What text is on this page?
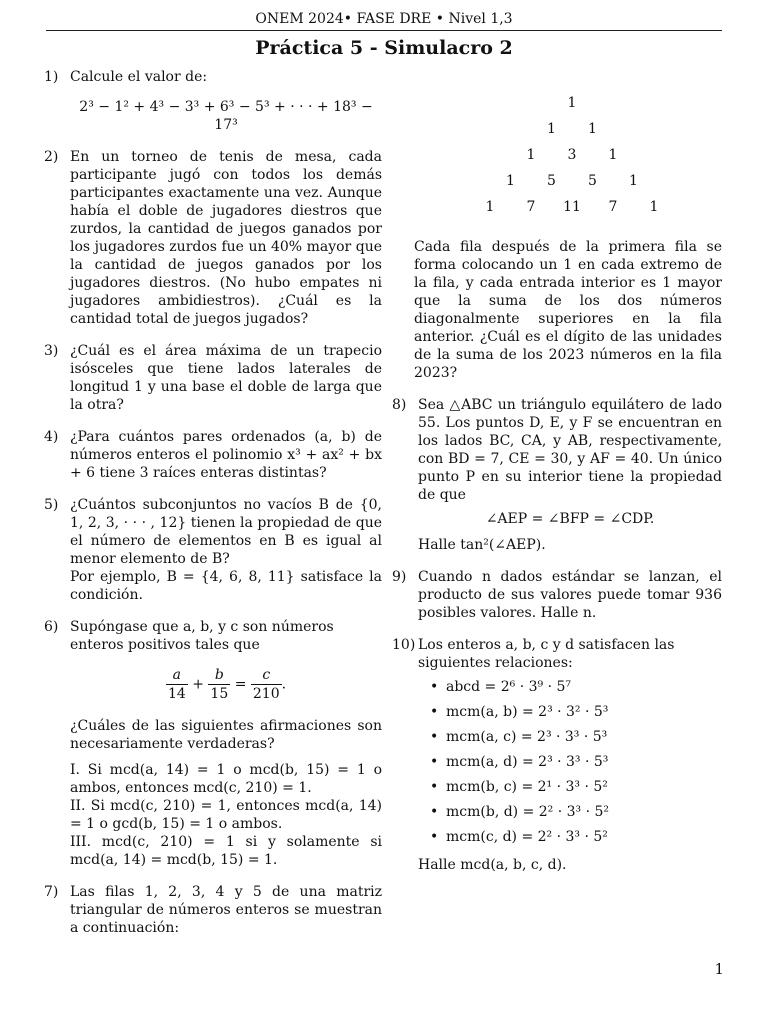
ONEM 2024• FASE DRE • Nivel 1,3
Práctica 5 - Simulacro 2
1) Calcule el valor de:

2³ − 1² + 4³ − 3³ + 6³ − 5³ + · · · + 18³ − 17³

2) En un torneo de tenis de mesa, cada participante jugó con todos los demás participantes exactamente una vez. Aunque había el doble de jugadores diestros que zurdos, la cantidad de juegos ganados por los jugadores zurdos fue un 40% mayor que la cantidad de juegos ganados por los jugadores diestros. (No hubo empates ni jugadores ambidiestros). ¿Cuál es la cantidad total de juegos jugados?

3) ¿Cuál es el área máxima de un trapecio isósceles que tiene lados laterales de longitud 1 y una base el doble de larga que la otra?

4) ¿Para cuántos pares ordenados (a, b) de números enteros el polinomio x³ + ax² + bx + 6 tiene 3 raíces enteras distintas?

5) ¿Cuántos subconjuntos no vacíos B de {0, 1, 2, 3, · · · , 12} tienen la propiedad de que el número de elementos en B es igual al menor elemento de B?

Por ejemplo, B = {4, 6, 8, 11} satisface la condición.

6) Supóngase que a, b, y c son números enteros positivos tales que

$\frac{a}{14} + \frac{b}{15} = \frac{c}{210}$ .

¿Cuáles de las siguientes afirmaciones son necesariamente verdaderas?

I. Si mcd(a, 14) = 1 o mcd(b, 15) = 1 o ambos, entonces mcd(c, 210) = 1.

II. Si mcd(c, 210) = 1, entonces mcd(a, 14) = 1 o gcd(b, 15) = 1 o ambos.

III. mcd(c, 210) = 1 si y solamente si mcd(a, 14) = mcd(b, 15) = 1.

7) Las filas 1, 2, 3, 4 y 5 de una matriz triangular de números enteros se muestran a continuación:

1
1	1
1	3	1
1	5	5	1
1	7	11	7	1

Cada fila después de la primera fila se forma colocando un 1 en cada extremo de la fila, y cada entrada interior es 1 mayor que la suma de los dos números diagonalmente superiores en la fila anterior. ¿Cuál es el dígito de las unidades de la suma de los 2023 números en la fila 2023?

8) Sea △ABC un triángulo equilátero de lado 55. Los puntos D, E, y F se encuentran en los lados BC, CA, y AB, respectivamente, con BD = 7, CE = 30, y AF = 40. Un único punto P en su interior tiene la propiedad de que

∠AEP = ∠BFP = ∠CDP.

Halle tan²(∠AEP).

9) Cuando n dados estándar se lanzan, el producto de sus valores puede tomar 936 posibles valores. Halle n.

10) Los enteros a, b, c y d satisfacen las siguientes relaciones:

• abcd = 2⁶ · 3⁹ · 5⁷
• mcm(a, b) = 2³ · 3² · 5³
• mcm(a, c) = 2³ · 3³ · 5³
• mcm(a, d) = 2³ · 3³ · 5³
• mcm(b, c) = 2¹ · 3³ · 5²
• mcm(b, d) = 2² · 3³ · 5²
• mcm(c, d) = 2² · 3³ · 5²

Halle mcd(a, b, c, d).

1
